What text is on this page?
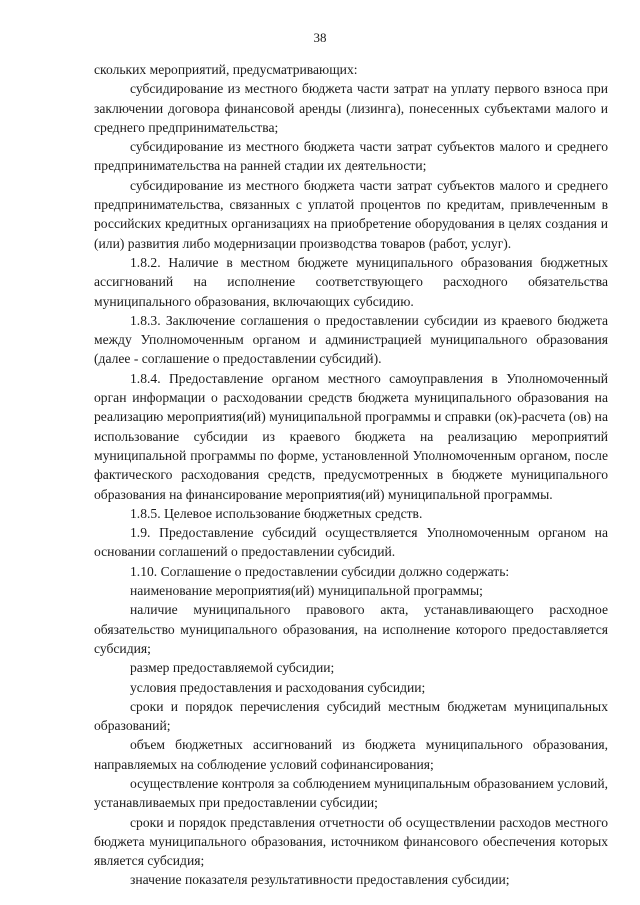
38

скольких мероприятий, предусматривающих:

субсидирование из местного бюджета части затрат на уплату первого взноса при заключении договора финансовой аренды (лизинга), понесенных субъектами малого и среднего предпринимательства;

субсидирование из местного бюджета части затрат субъектов малого и среднего предпринимательства на ранней стадии их деятельности;

субсидирование из местного бюджета части затрат субъектов малого и среднего предпринимательства, связанных с уплатой процентов по кредитам, привлеченным в российских кредитных организациях на приобретение оборудования в целях создания и (или) развития либо модернизации производства товаров (работ, услуг).

1.8.2. Наличие в местном бюджете муниципального образования бюджетных ассигнований на исполнение соответствующего расходного обязательства муниципального образования, включающих субсидию.

1.8.3. Заключение соглашения о предоставлении субсидии из краевого бюджета между Уполномоченным органом и администрацией муниципального образования (далее - соглашение о предоставлении субсидий).

1.8.4. Предоставление органом местного самоуправления в Уполномоченный орган информации о расходовании средств бюджета муниципального образования на реализацию мероприятия(ий) муниципальной программы и справки (ок)-расчета (ов) на использование субсидии из краевого бюджета на реализацию мероприятий муниципальной программы по форме, установленной Уполномоченным органом, после фактического расходования средств, предусмотренных в бюджете муниципального образования на финансирование мероприятия(ий) муниципальной программы.

1.8.5. Целевое использование бюджетных средств.

1.9. Предоставление субсидий осуществляется Уполномоченным органом на основании соглашений о предоставлении субсидий.

1.10. Соглашение о предоставлении субсидии должно содержать:

наименование мероприятия(ий) муниципальной программы;

наличие муниципального правового акта, устанавливающего расходное обязательство муниципального образования, на исполнение которого предоставляется субсидия;

размер предоставляемой субсидии;

условия предоставления и расходования субсидии;

сроки и порядок перечисления субсидий местным бюджетам муниципальных образований;

объем бюджетных ассигнований из бюджета муниципального образования, направляемых на соблюдение условий софинансирования;

осуществление контроля за соблюдением муниципальным образованием условий, устанавливаемых при предоставлении субсидии;

сроки и порядок представления отчетности об осуществлении расходов местного бюджета муниципального образования, источником финансового обеспечения которых является субсидия;

значение показателя результативности предоставления субсидии;
